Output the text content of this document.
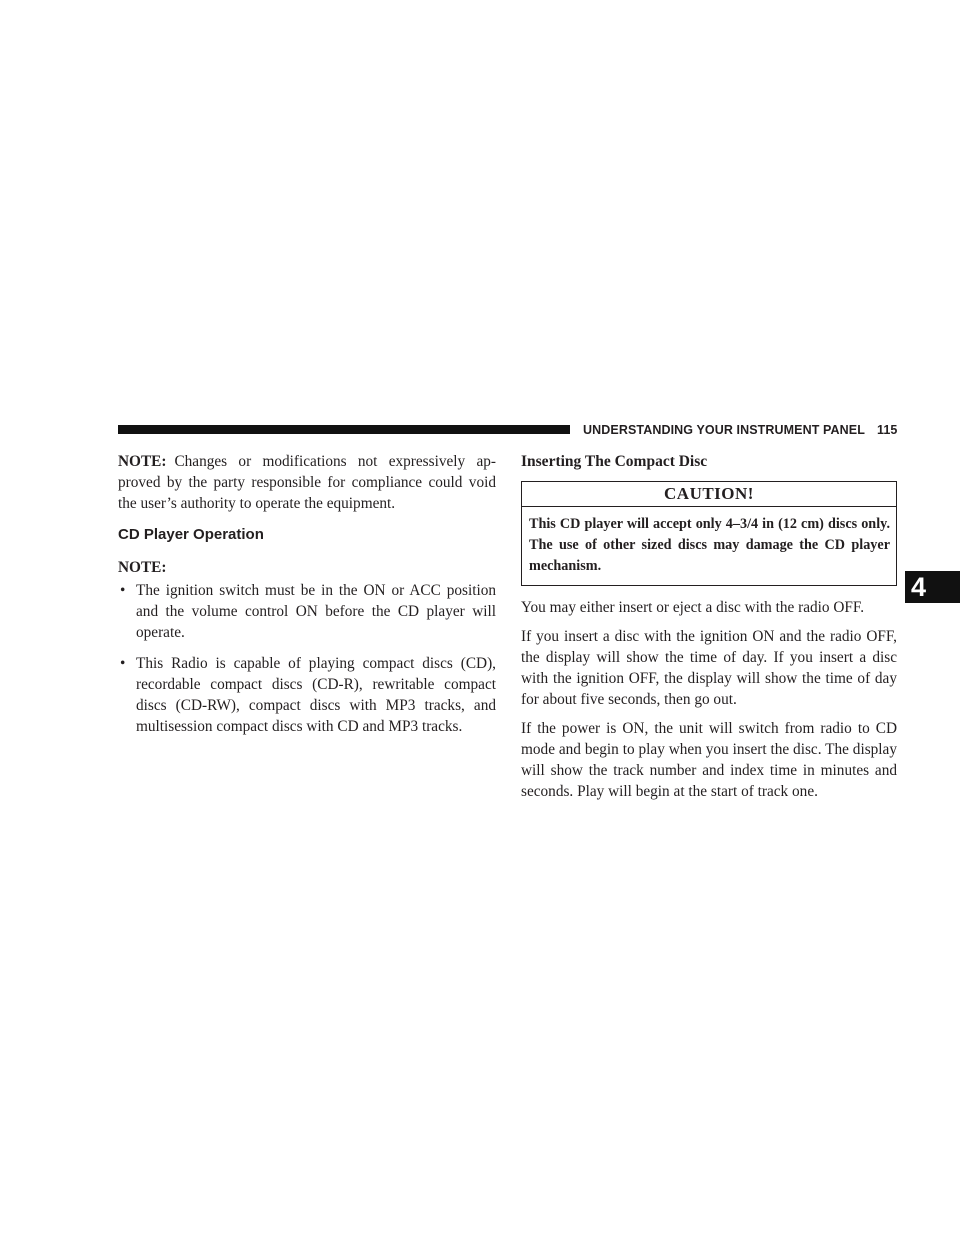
UNDERSTANDING YOUR INSTRUMENT PANEL 115
4

NOTE: Changes or modifications not expressively ap- proved by the party responsible for compliance could void the user’s authority to operate the equipment.

CD Player Operation
NOTE:
• The ignition switch must be in the ON or ACC position and the volume control ON before the CD player will operate.
• This Radio is capable of playing compact discs (CD), recordable compact discs (CD-R), rewritable compact discs (CD-RW), compact discs with MP3 tracks, and multisession compact discs with CD and MP3 tracks.
Inserting The Compact Disc
CAUTION!
This CD player will accept only 4–3/4 in (12 cm) discs only. The use of other sized discs may damage the CD player mechanism.

You may either insert or eject a disc with the radio OFF.

If you insert a disc with the ignition ON and the radio OFF, the display will show the time of day. If you insert a disc with the ignition OFF, the display will show the time of day for about five seconds, then go out.

If the power is ON, the unit will switch from radio to CD mode and begin to play when you insert the disc. The display will show the track number and index time in minutes and seconds. Play will begin at the start of track one.
